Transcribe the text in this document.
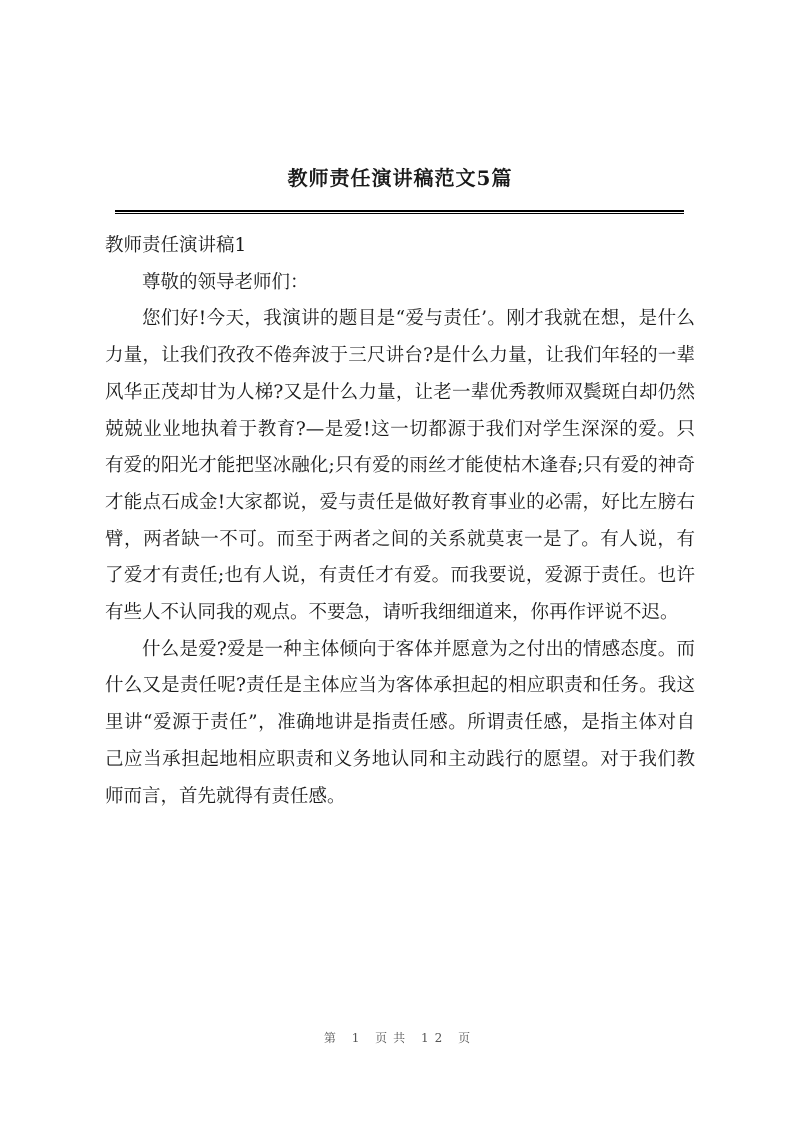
教师责任演讲稿范文5篇

教师责任演讲稿1

尊敬的领导老师们：

您们好!今天，我演讲的题目是“爱与责任’。刚才我就在想，是什么力量，让我们孜孜不倦奔波于三尺讲台?是什么力量，让我们年轻的一辈风华正茂却甘为人梯?又是什么力量，让老一辈优秀教师双鬓斑白却仍然兢兢业业地执着于教育?—是爱!这一切都源于我们对学生深深的爱。只有爱的阳光才能把坚冰融化;只有爱的雨丝才能使枯木逢春;只有爱的神奇才能点石成金!大家都说，爱与责任是做好教育事业的必需，好比左膀右臂，两者缺一不可。而至于两者之间的关系就莫衷一是了。有人说，有了爱才有责任;也有人说，有责任才有爱。而我要说，爱源于责任。也许有些人不认同我的观点。不要急，请听我细细道来，你再作评说不迟。

什么是爱?爱是一种主体倾向于客体并愿意为之付出的情感态度。而什么又是责任呢?责任是主体应当为客体承担起的相应职责和任务。我这里讲“爱源于责任”，准确地讲是指责任感。所谓责任感，是指主体对自己应当承担起地相应职责和义务地认同和主动践行的愿望。对于我们教师而言，首先就得有责任感。

第 1 页共 12 页
